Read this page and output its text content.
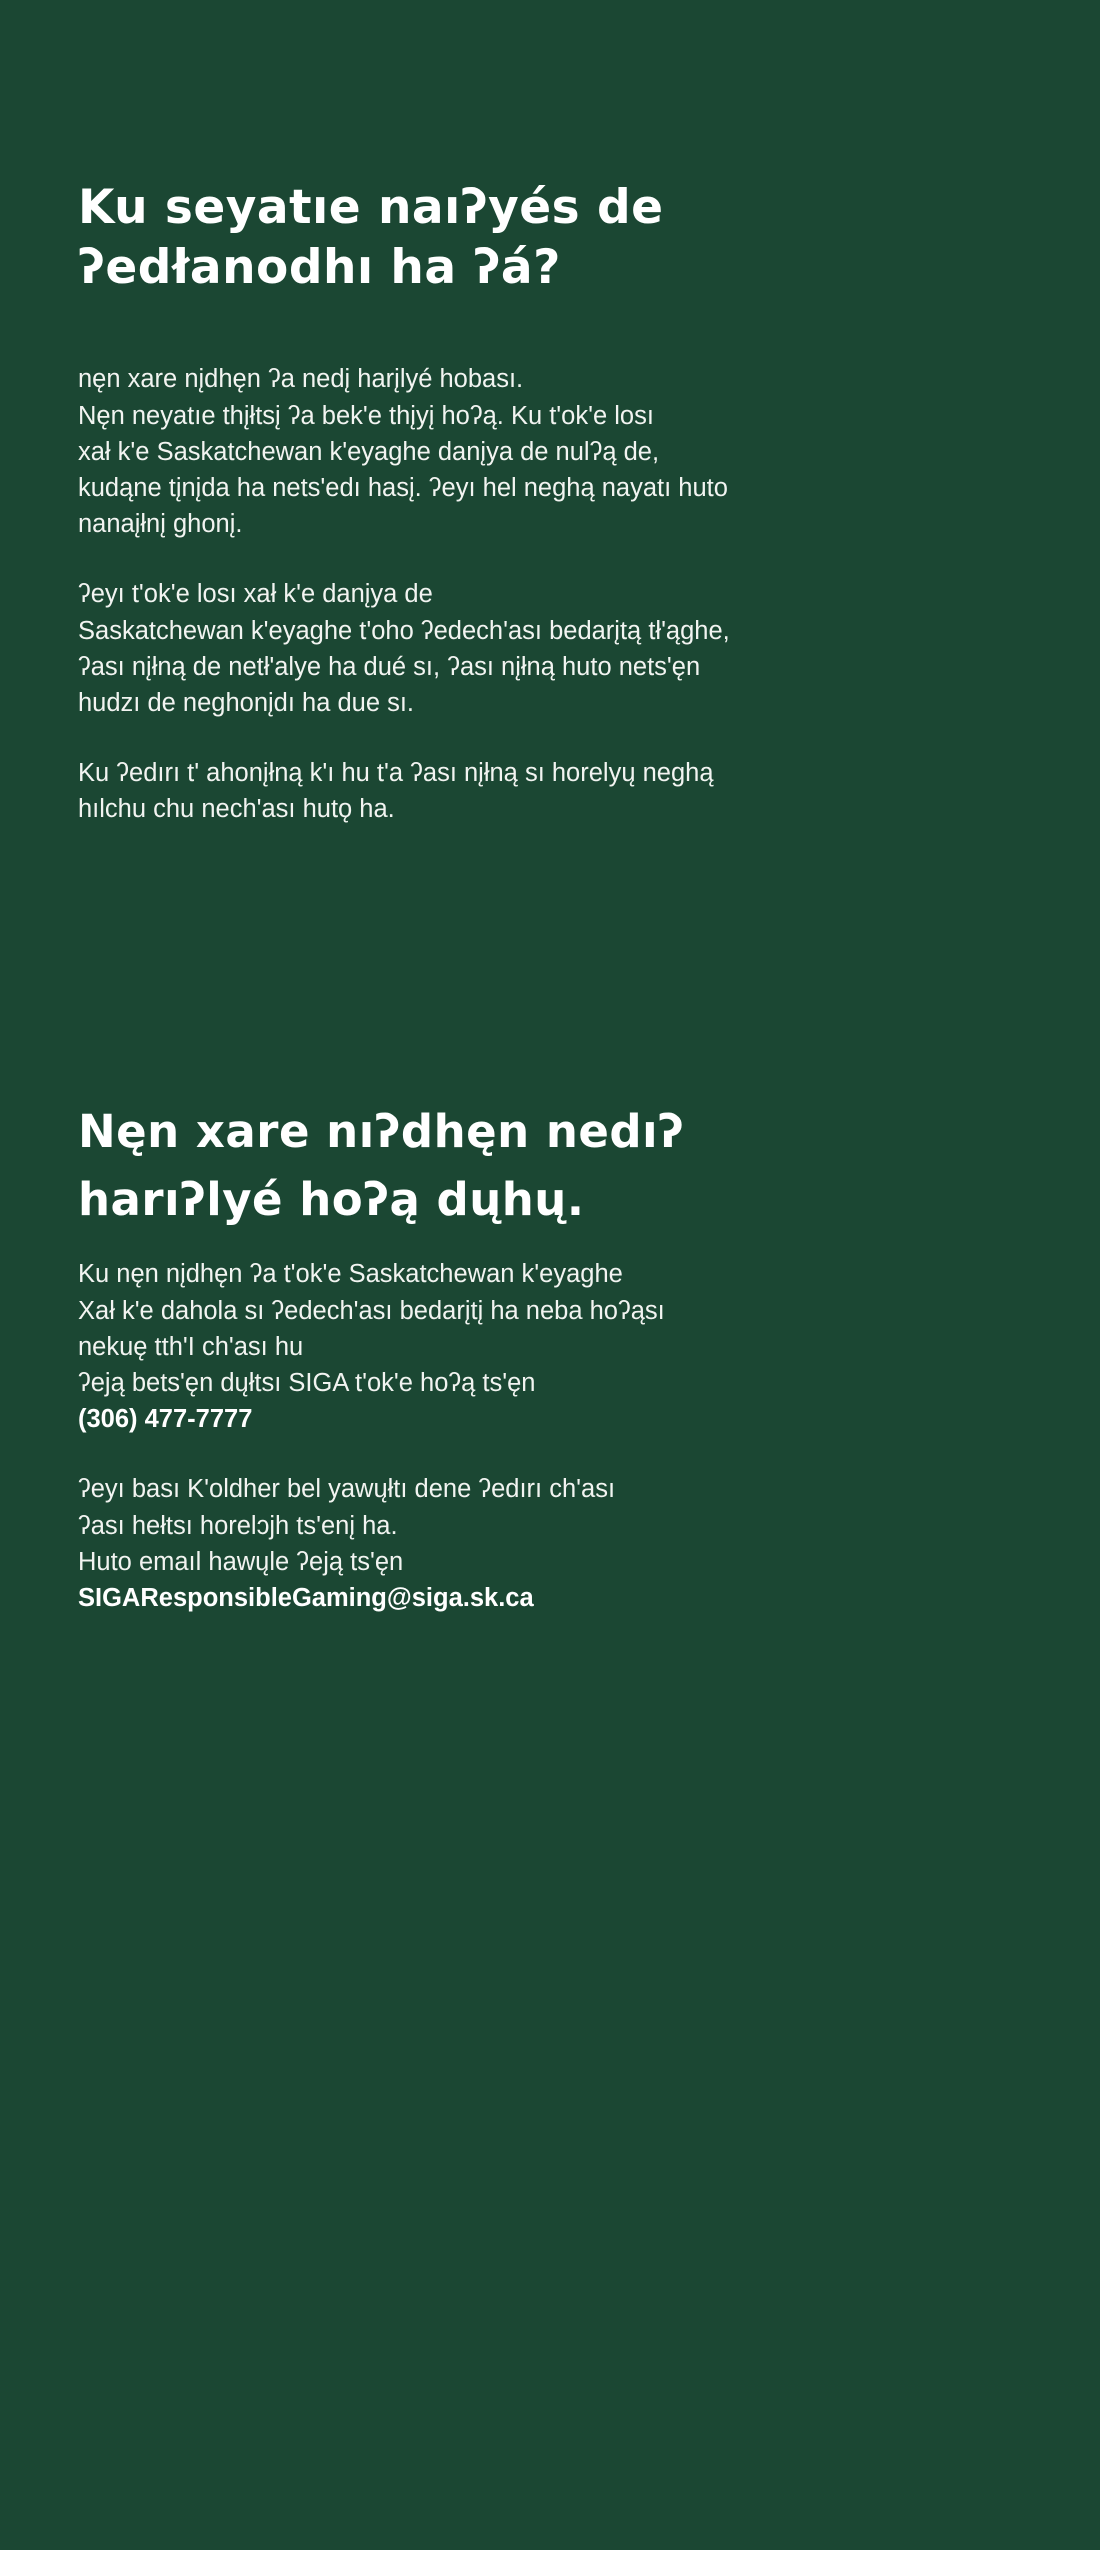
Ku seyatıe naıʔyés de
ʔedłanodhı ha ʔá?

nęn xare nįdhęn ʔa nedį harįlyé hobası.
Nęn neyatıe thįłtsį ʔa bek'e thįyį hoʔą. Ku t'ok'e losı
xał k'e Saskatchewan k'eyaghe danįya de nulʔą de,
kudąne tįnįda ha nets'edı hasį. ʔeyı hel neghą nayatı huto
nanaįłnį ghonį.

ʔeyı t'ok'e losı xał k'e danįya de
Saskatchewan k'eyaghe t'oho ʔedech'ası bedarįtą tł'ąghe,
ʔası nįłną de netł'alye ha dué sı, ʔası nįłną huto nets'ęn
hudzı de neghonįdı ha due sı.

Ku ʔedırı t' ahonįłną k'ı hu t'a ʔası nįłną sı horelyų neghą
hılchu chu nech'ası hutǫ ha.

Nęn xare nıʔdhęn nedıʔ
harıʔlyé hoʔą dųhų.

Ku nęn nįdhęn ʔa t'ok'e Saskatchewan k'eyaghe
Xał k'e dahola sı ʔedech'ası bedarįtį ha neba hoʔąsı
nekuę tth'I ch'ası hu
ʔeją bets'ęn dųłtsı SIGA t'ok'e hoʔą ts'ęn
(306) 477-7777

ʔeyı bası K'oldher bel yawųłtı dene ʔedırı ch'ası
ʔası hełtsı horelɔjh ts'enį ha.
Huto emaıl hawųle ʔeją ts'ęn
SIGAResponsibleGaming@siga.sk.ca
